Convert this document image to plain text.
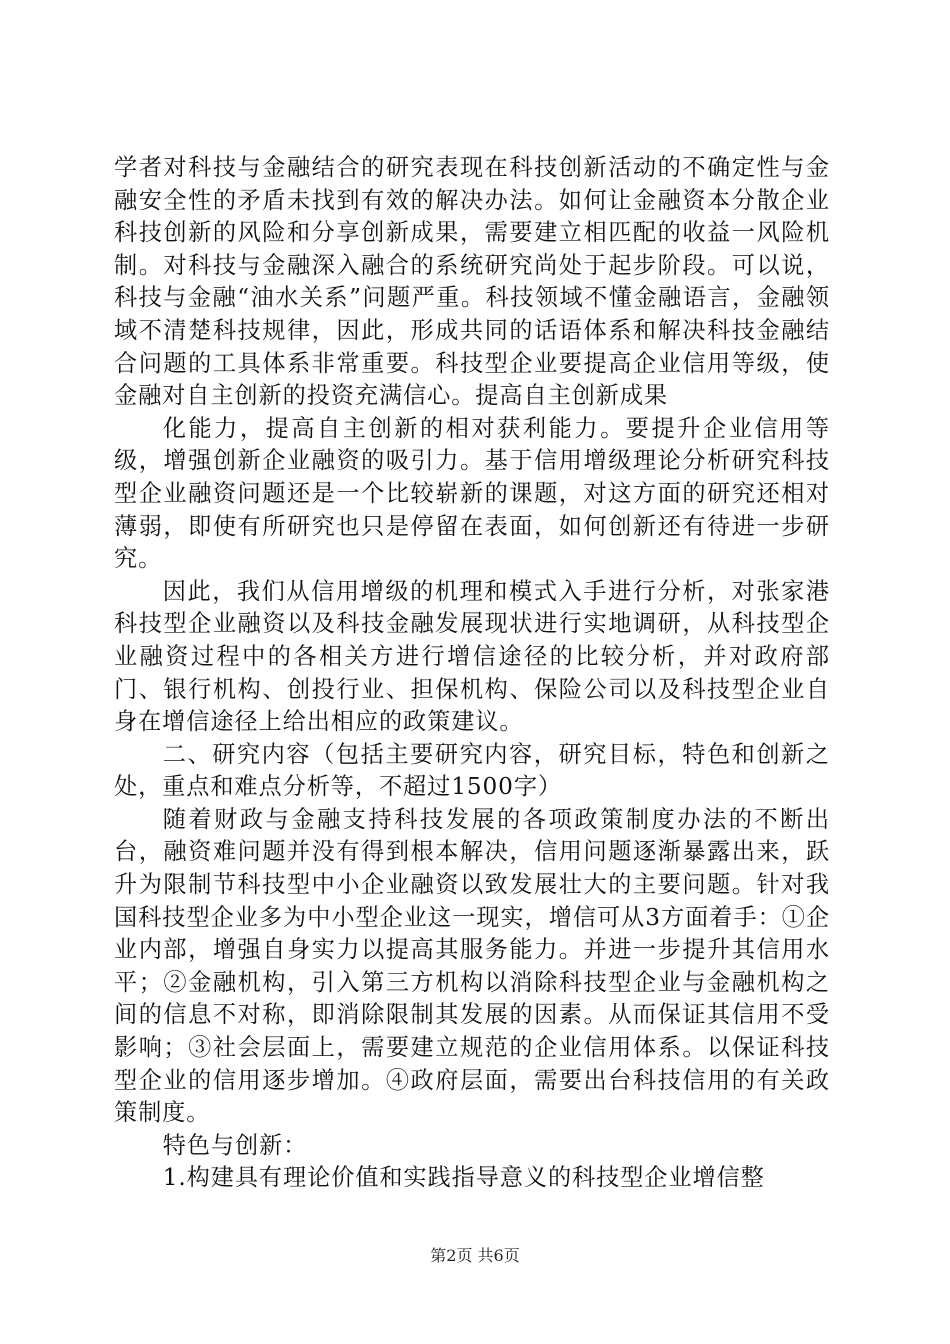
学者对科技与金融结合的研究表现在科技创新活动的不确定性与金融安全性的矛盾未找到有效的解决办法。如何让金融资本分散企业科技创新的风险和分享创新成果，需要建立相匹配的收益一风险机制。对科技与金融深入融合的系统研究尚处于起步阶段。可以说，科技与金融“油水关系”问题严重。科技领域不懂金融语言，金融领域不清楚科技规律，因此，形成共同的话语体系和解决科技金融结合问题的工具体系非常重要。科技型企业要提高企业信用等级，使金融对自主创新的投资充满信心。提高自主创新成果

化能力，提高自主创新的相对获利能力。要提升企业信用等级，增强创新企业融资的吸引力。基于信用增级理论分析研究科技型企业融资问题还是一个比较崭新的课题，对这方面的研究还相对薄弱，即使有所研究也只是停留在表面，如何创新还有待进一步研究。

因此，我们从信用增级的机理和模式入手进行分析，对张家港科技型企业融资以及科技金融发展现状进行实地调研，从科技型企业融资过程中的各相关方进行增信途径的比较分析，并对政府部门、银行机构、创投行业、担保机构、保险公司以及科技型企业自身在增信途径上给出相应的政策建议。

二、研究内容（包括主要研究内容，研究目标，特色和创新之处，重点和难点分析等，不超过1500字）

随着财政与金融支持科技发展的各项政策制度办法的不断出台，融资难问题并没有得到根本解决，信用问题逐渐暴露出来，跃升为限制节科技型中小企业融资以致发展壮大的主要问题。针对我国科技型企业多为中小型企业这一现实，增信可从3方面着手：①企业内部，增强自身实力以提高其服务能力。并进一步提升其信用水平；②金融机构，引入第三方机构以消除科技型企业与金融机构之间的信息不对称，即消除限制其发展的因素。从而保证其信用不受影响；③社会层面上，需要建立规范的企业信用体系。以保证科技型企业的信用逐步增加。④政府层面，需要出台科技信用的有关政策制度。

特色与创新：

1.构建具有理论价值和实践指导意义的科技型企业增信整

第2页 共6页
